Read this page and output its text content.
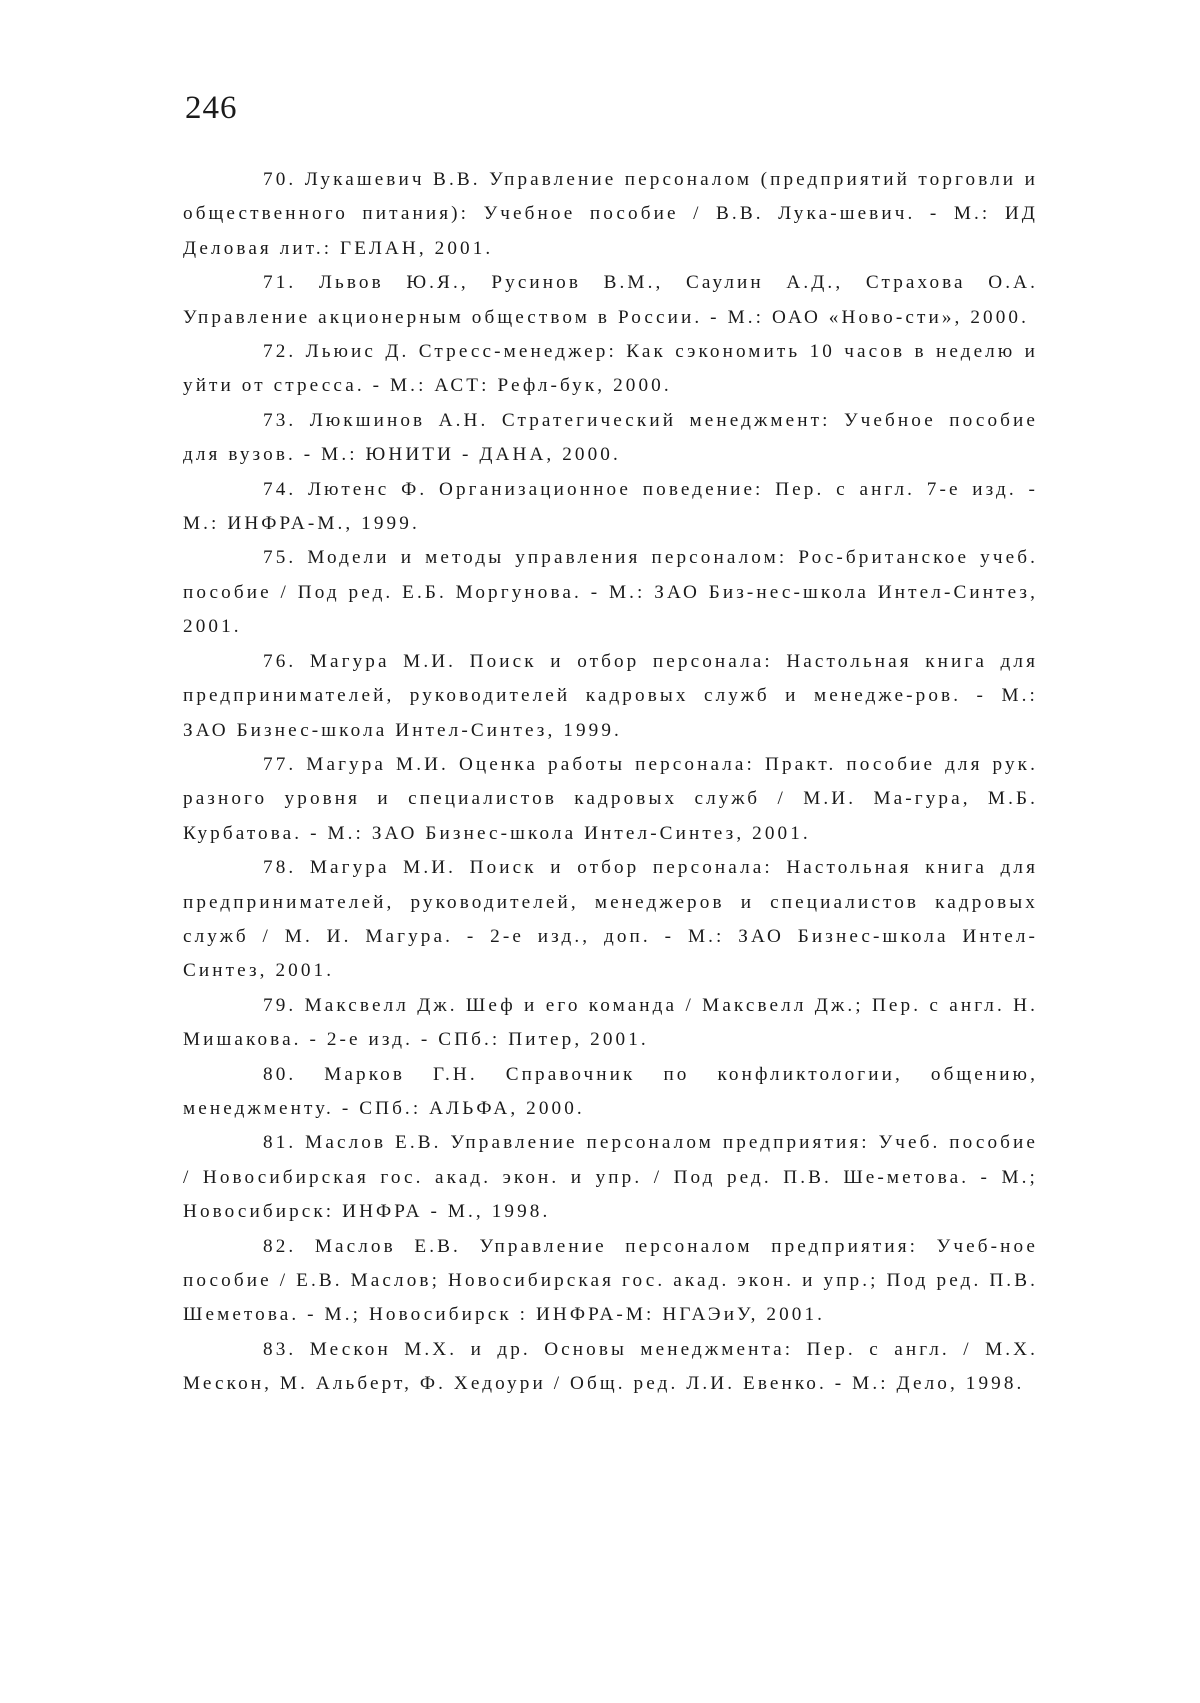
246
70. Лукашевич В.В. Управление персоналом (предприятий торговли и общественного питания): Учебное пособие / В.В. Лука-шевич. - М.: ИД Деловая лит.: ГЕЛАН, 2001.
71. Львов Ю.Я., Русинов В.М., Саулин А.Д., Страхова О.А. Управление акционерным обществом в России. - М.: ОАО «Ново-сти», 2000.
72. Льюис Д. Стресс-менеджер: Как сэкономить 10 часов в неделю и уйти от стресса. - М.: АСТ: Рефл-бук, 2000.
73. Люкшинов А.Н. Стратегический менеджмент: Учебное пособие для вузов. - М.: ЮНИТИ - ДАНА, 2000.
74. Лютенс Ф. Организационное поведение: Пер. с англ. 7-е изд. - М.: ИНФРА-М., 1999.
75. Модели и методы управления персоналом: Рос-британское учеб. пособие / Под ред. Е.Б. Моргунова. - М.: ЗАО Биз-нес-школа Интел-Синтез, 2001.
76. Магура М.И. Поиск и отбор персонала: Настольная книга для предпринимателей, руководителей кадровых служб и менедже-ров. - М.: ЗАО Бизнес-школа Интел-Синтез, 1999.
77. Магура М.И. Оценка работы персонала: Практ. пособие для рук. разного уровня и специалистов кадровых служб / М.И. Ма-гура, М.Б. Курбатова. - М.: ЗАО Бизнес-школа Интел-Синтез, 2001.
78. Магура М.И. Поиск и отбор персонала: Настольная книга для предпринимателей, руководителей, менеджеров и специалистов кадровых служб / М. И. Магура. - 2-е изд., доп. - М.: ЗАО Бизнес-школа Интел-Синтез, 2001.
79. Максвелл Дж. Шеф и его команда / Максвелл Дж.; Пер. с англ. Н. Мишакова. - 2-е изд. - СПб.: Питер, 2001.
80. Марков Г.Н. Справочник по конфликтологии, общению, менеджменту. - СПб.: АЛЬФА, 2000.
81. Маслов Е.В. Управление персоналом предприятия: Учеб. пособие / Новосибирская гос. акад. экон. и упр. / Под ред. П.В. Ше-метова. - М.; Новосибирск: ИНФРА - М., 1998.
82. Маслов Е.В. Управление персоналом предприятия: Учеб-ное пособие / Е.В. Маслов; Новосибирская гос. акад. экон. и упр.; Под ред. П.В. Шеметова. - М.; Новосибирск : ИНФРА-М: НГАЭиУ, 2001.
83. Мескон М.Х. и др. Основы менеджмента: Пер. с англ. / М.Х. Мескон, М. Альберт, Ф. Хедоури / Общ. ред. Л.И. Евенко. - М.: Дело, 1998.
